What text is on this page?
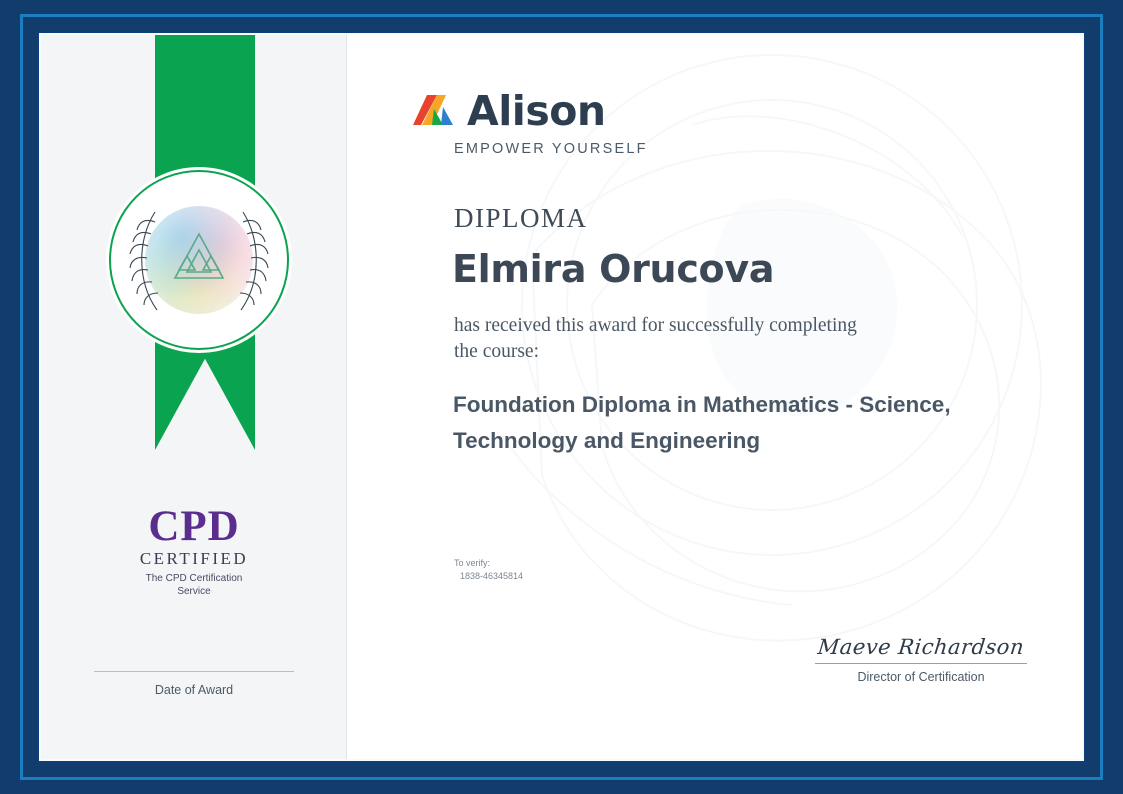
CPD
CERTIFIED
The CPD Certification
Service
Date of Award
Alison
EMPOWER YOURSELF
DIPLOMA
Elmira Orucova
has received this award for successfully completing the course:
Foundation Diploma in Mathematics - Science, Technology and Engineering
To verify:
1838-46345814
Maeve Richardson
Director of Certification
